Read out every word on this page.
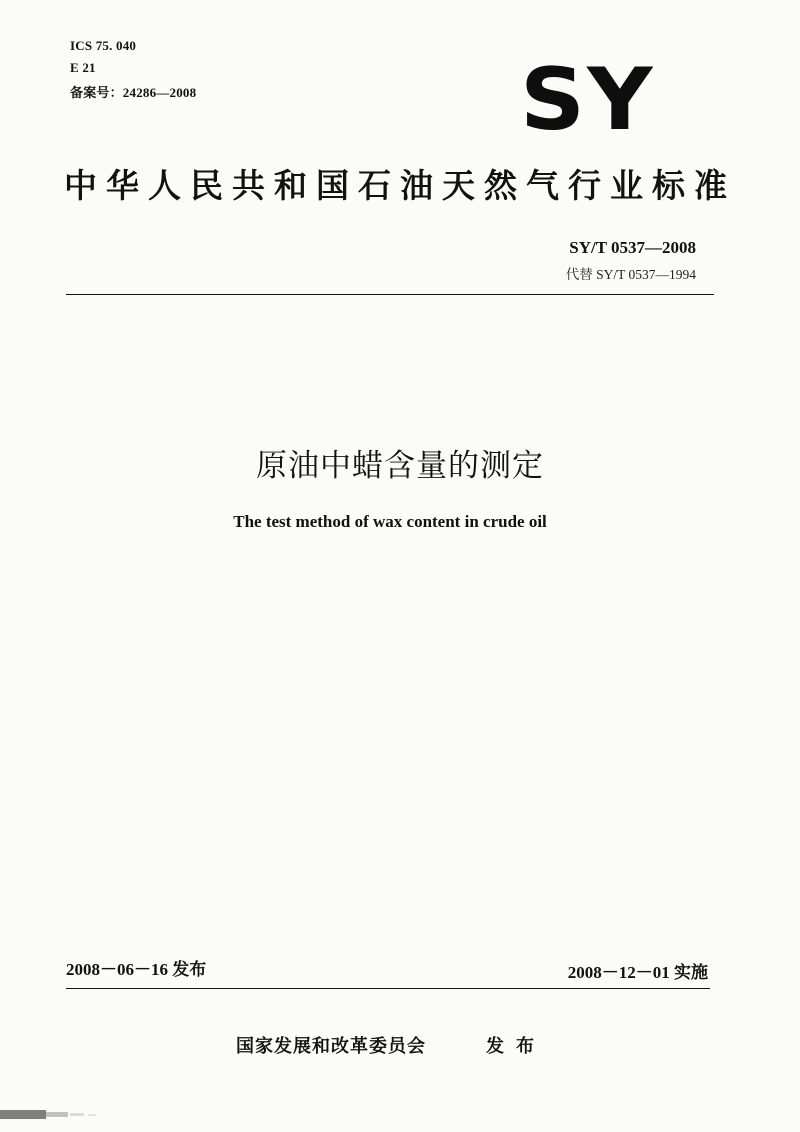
ICS 75. 040
E 21
备案号：24286—2008	SY
中华人民共和国石油天然气行业标准
SY/T 0537—2008
代替 SY/T 0537—1994
原油中蜡含量的测定
The test method of wax content in crude oil
2008－06－16 发布	2008－12－01 实施
国家发展和改革委员会	发布
